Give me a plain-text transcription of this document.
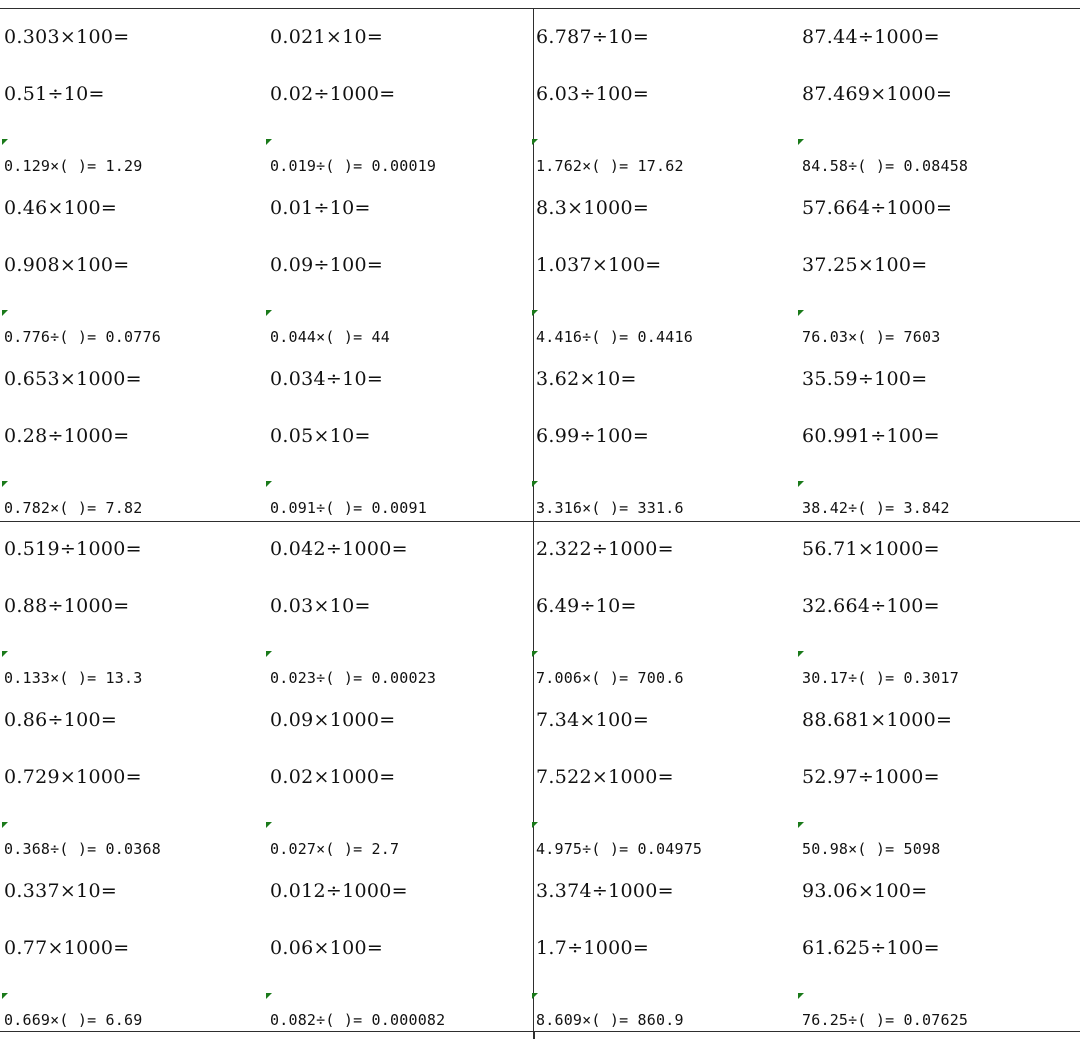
0.303×100=	0.021×10=	6.787÷10=	87.44÷1000=
0.51÷10=	0.02÷1000=	6.03÷100=	87.469×1000=
0.129×( )= 1.29	0.019÷( )= 0.00019	1.762×( )= 17.62	84.58÷( )= 0.08458
0.46×100=	0.01÷10=	8.3×1000=	57.664÷1000=
0.908×100=	0.09÷100=	1.037×100=	37.25×100=
0.776÷( )= 0.0776	0.044×( )= 44	4.416÷( )= 0.4416	76.03×( )= 7603
0.653×1000=	0.034÷10=	3.62×10=	35.59÷100=
0.28÷1000=	0.05×10=	6.99÷100=	60.991÷100=
0.782×( )= 7.82	0.091÷( )= 0.0091	3.316×( )= 331.6	38.42÷( )= 3.842
0.519÷1000=	0.042÷1000=	2.322÷1000=	56.71×1000=
0.88÷1000=	0.03×10=	6.49÷10=	32.664÷100=
0.133×( )= 13.3	0.023÷( )= 0.00023	7.006×( )= 700.6	30.17÷( )= 0.3017
0.86÷100=	0.09×1000=	7.34×100=	88.681×1000=
0.729×1000=	0.02×1000=	7.522×1000=	52.97÷1000=
0.368÷( )= 0.0368	0.027×( )= 2.7	4.975÷( )= 0.04975	50.98×( )= 5098
0.337×10=	0.012÷1000=	3.374÷1000=	93.06×100=
0.77×1000=	0.06×100=	1.7÷1000=	61.625÷100=
0.669×( )= 6.69	0.082÷( )= 0.000082	8.609×( )= 860.9	76.25÷( )= 0.07625
